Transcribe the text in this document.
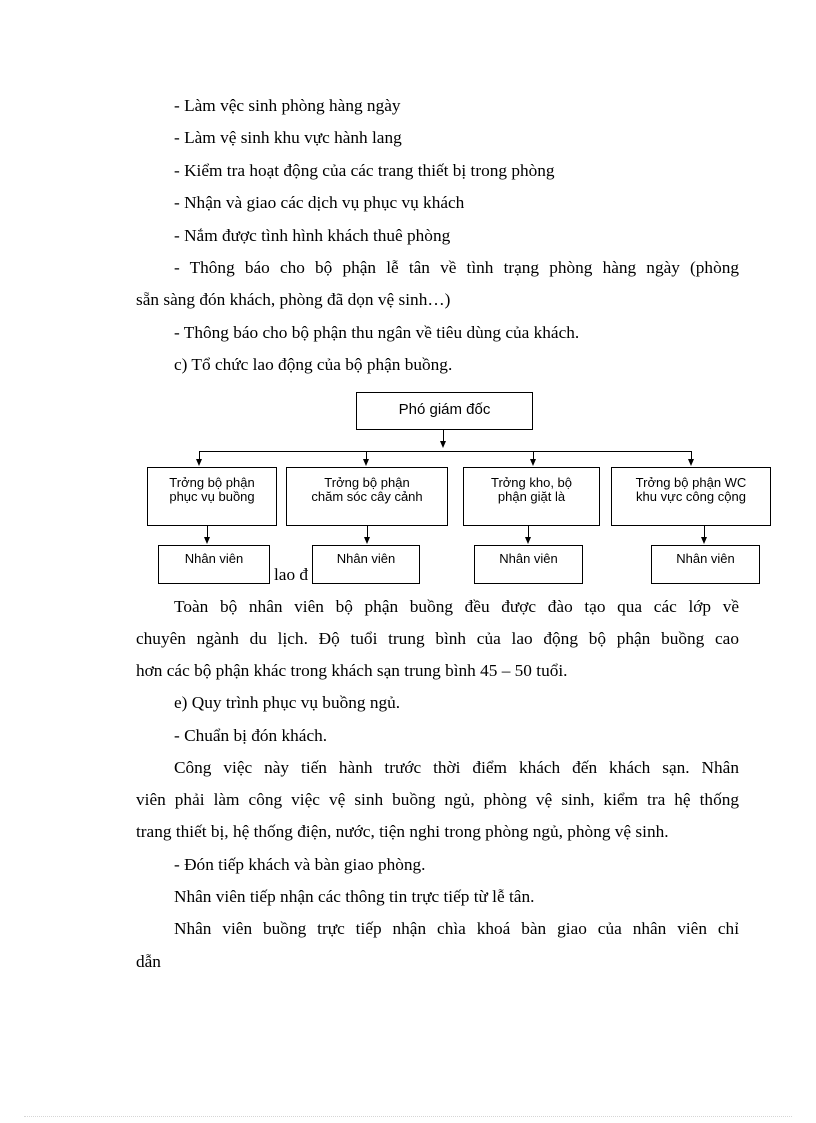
- Làm vệc sinh phòng hàng ngày
- Làm vệ sinh khu vực hành lang
- Kiểm tra hoạt động của các trang thiết bị trong phòng
- Nhận và giao các dịch vụ phục vụ khách
- Nắm được tình hình khách thuê phòng
- Thông báo cho bộ phận lễ tân về tình trạng phòng hàng ngày (phòng
sẵn sàng đón khách, phòng đã dọn vệ sinh…)
- Thông báo cho bộ phận thu ngân về tiêu dùng của khách.
c) Tổ chức lao động của bộ phận buồng.
Phó giám đốc
Trởng bộ phận
phục vụ buồng
Trởng bộ phận
chăm sóc cây cảnh
Trởng kho, bộ
phận giặt là
Trởng bộ phận WC
khu vực công cộng
Nhân viên
lao đ
Nhân viên	Nhân viên	Nhân viên
Toàn bộ nhân viên bộ phận buồng đều được đào tạo qua các lớp về
chuyên ngành du lịch. Độ tuổi trung bình của lao động bộ phận buồng cao
hơn các bộ phận khác trong khách sạn trung bình 45 – 50 tuổi.
e) Quy trình phục vụ buồng ngủ.
- Chuẩn bị đón khách.
Công việc này tiến hành trước thời điểm khách đến khách sạn. Nhân
viên phải làm công việc vệ sinh buồng ngủ, phòng vệ sinh, kiểm tra hệ thống
trang thiết bị, hệ thống điện, nước, tiện nghi trong phòng ngủ, phòng vệ sinh.
- Đón tiếp khách và bàn giao phòng.
Nhân viên tiếp nhận các thông tin trực tiếp từ lễ tân.
Nhân viên buồng trực tiếp nhận chìa khoá bàn giao của nhân viên chỉ
dẫn
